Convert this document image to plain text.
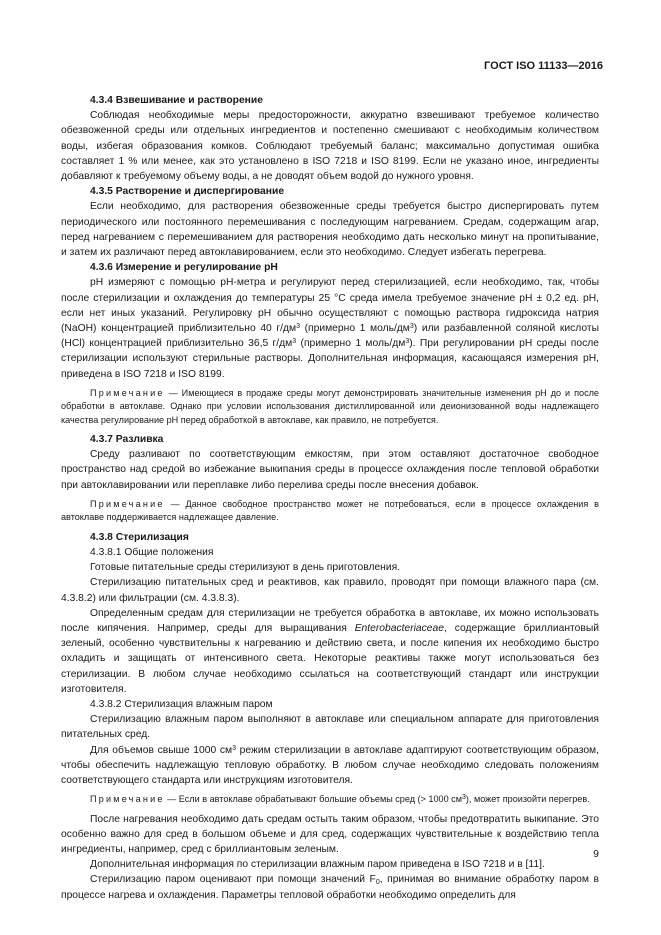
ГОСТ ISO 11133—2016

4.3.4 Взвешивание и растворение

Соблюдая необходимые меры предосторожности, аккуратно взвешивают требуемое количество обезвоженной среды или отдельных ингредиентов и постепенно смешивают с необходимым количеством воды, избегая образования комков. Соблюдают требуемый баланс; максимально допустимая ошибка составляет 1 % или менее, как это установлено в ISO 7218 и ISO 8199. Если не указано иное, ингредиенты добавляют к требуемому объему воды, а не доводят объем водой до нужного уровня.

4.3.5 Растворение и диспергирование

Если необходимо, для растворения обезвоженные среды требуется быстро диспергировать путем периодического или постоянного перемешивания с последующим нагреванием. Средам, содержащим агар, перед нагреванием с перемешиванием для растворения необходимо дать несколько минут на пропитывание, и затем их различают перед автоклавированием, если это необходимо. Следует избегать перегрева.

4.3.6 Измерение и регулирование pH

pH измеряют с помощью pH-метра и регулируют перед стерилизацией, если необходимо, так, чтобы после стерилизации и охлаждения до температуры 25 °С среда имела требуемое значение pH ± 0,2 ед. pH, если нет иных указаний. Регулировку pH обычно осуществляют с помощью раствора гидроксида натрия (NaOH) концентрацией приблизительно 40 $г/дм^3$ (примерно 1 моль/$дм^3$) или разбавленной соляной кислоты (HCl) концентрацией приблизительно 36,5 $г/дм^3$ (примерно 1 моль/$дм^3$). При регулировании pH среды после стерилизации используют стерильные растворы. Дополнительная информация, касающаяся измерения pH, приведена в ISO 7218 и ISO 8199.

Примечание — Имеющиеся в продаже среды могут демонстрировать значительные изменения pH до и после обработки в автоклаве. Однако при условии использования дистиллированной или деионизованной воды надлежащего качества регулирование pH перед обработкой в автоклаве, как правило, не потребуется.

4.3.7 Разливка

Среду разливают по соответствующим емкостям, при этом оставляют достаточное свободное пространство над средой во избежание выкипания среды в процессе охлаждения после тепловой обработки при автоклавировании или переплавке либо перелива среды после внесения добавок.

Примечание — Данное свободное пространство может не потребоваться, если в процессе охлаждения в автоклаве поддерживается надлежащее давление.

4.3.8 Стерилизация

4.3.8.1 Общие положения

Готовые питательные среды стерилизуют в день приготовления.

Стерилизацию питательных сред и реактивов, как правило, проводят при помощи влажного пара (см. 4.3.8.2) или фильтрации (см. 4.3.8.3).

Определенным средам для стерилизации не требуется обработка в автоклаве, их можно использовать после кипячения. Например, среды для выращивания Enterobacteriaceae, содержащие бриллиантовый зеленый, особенно чувствительны к нагреванию и действию света, и после кипения их необходимо быстро охладить и защищать от интенсивного света. Некоторые реактивы также могут использоваться без стерилизации. В любом случае необходимо ссылаться на соответствующий стандарт или инструкции изготовителя.

4.3.8.2 Стерилизация влажным паром

Стерилизацию влажным паром выполняют в автоклаве или специальном аппарате для приготовления питательных сред.

Для объемов свыше 1000 $см^3$ режим стерилизации в автоклаве адаптируют соответствующим образом, чтобы обеспечить надлежащую тепловую обработку. В любом случае необходимо следовать положениям соответствующего стандарта или инструкциям изготовителя.

Примечание — Если в автоклаве обрабатывают большие объемы сред (> 1000 $см^3$), может произойти перегрев.

После нагревания необходимо дать средам остыть таким образом, чтобы предотвратить выкипание. Это особенно важно для сред в большом объеме и для сред, содержащих чувствительные к воздействию тепла ингредиенты, например, сред с бриллиантовым зеленым.

Дополнительная информация по стерилизации влажным паром приведена в ISO 7218 и в [11].

Стерилизацию паром оценивают при помощи значений $F_0$, принимая во внимание обработку паром в процессе нагрева и охлаждения. Параметры тепловой обработки необходимо определить для

9
